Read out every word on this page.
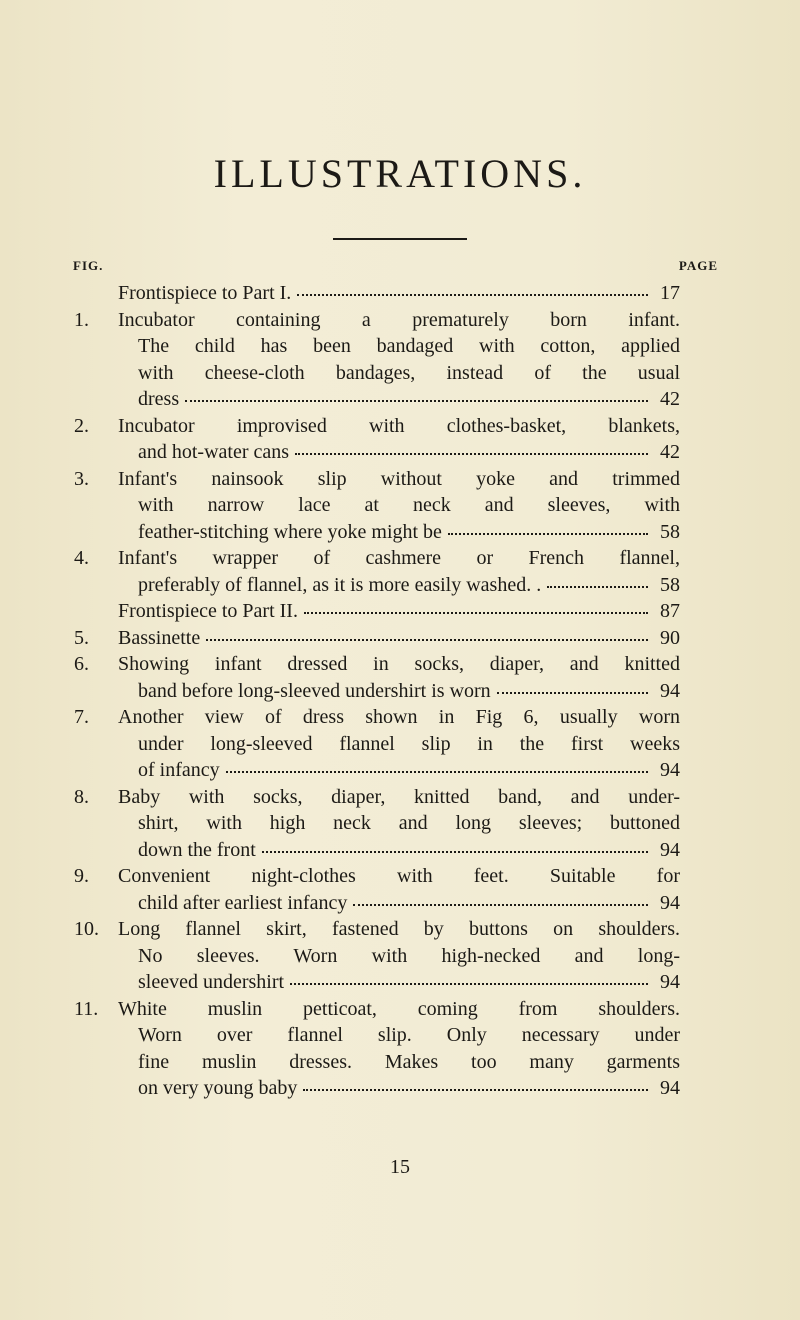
ILLUSTRATIONS.
FIG.	PAGE
Frontispiece to Part I.	17
1.	Incubator containing a prematurely born infant.
The child has been bandaged with cotton, applied
with cheese-cloth bandages, instead of the usual
dress	42
2.	Incubator improvised with clothes-basket, blankets,
and hot-water cans	42
3.	Infant's nainsook slip without yoke and trimmed
with narrow lace at neck and sleeves, with
feather-stitching where yoke might be	58
4.	Infant's wrapper of cashmere or French flannel,
preferably of flannel, as it is more easily washed. .	58
Frontispiece to Part II.	87
5.	Bassinette	90
6.	Showing infant dressed in socks, diaper, and knitted
band before long-sleeved undershirt is worn	94
7.	Another view of dress shown in Fig 6, usually worn
under long-sleeved flannel slip in the first weeks
of infancy	94
8.	Baby with socks, diaper, knitted band, and under-
shirt, with high neck and long sleeves; buttoned
down the front	94
9.	Convenient night-clothes with feet. Suitable for
child after earliest infancy	94
10. Long flannel skirt, fastened by buttons on shoulders.
No sleeves. Worn with high-necked and long-
sleeved undershirt	94
11. White muslin petticoat, coming from shoulders.
Worn over flannel slip. Only necessary under
fine muslin dresses. Makes too many garments
on very young baby	94
15
